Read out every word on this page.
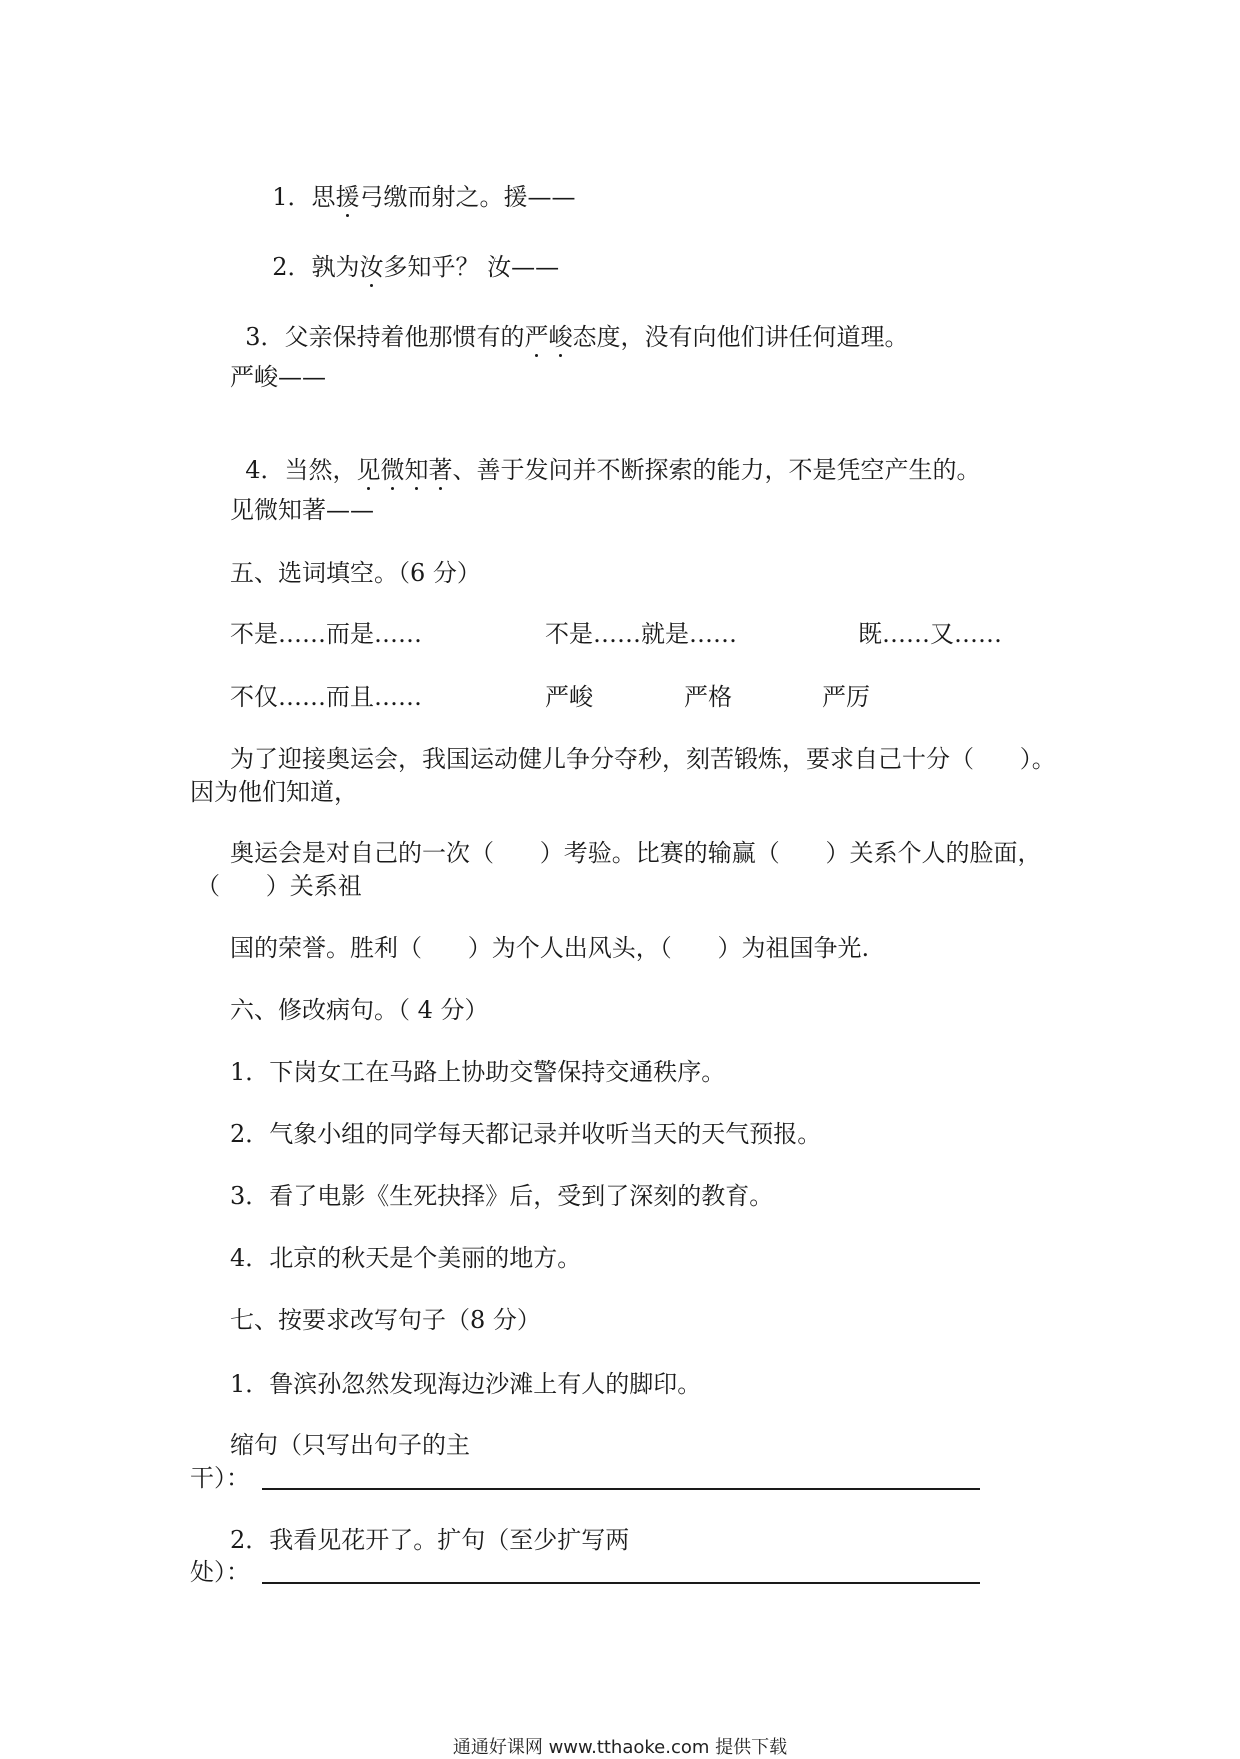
1．思援
弓缴而射之。援——

2．孰为汝
多知乎？ 汝——

3．父亲保持着他那惯有的严峻
态度，没有向他们讲任何道理。

严峻——

4．当然，见微知著
、善于发问并不断探索的能力，不是凭空产生的。

见微知著——
五、选词填空。（6 分）
不是……而是……	不是……就是……	既……又……
不仅……而且……	严峻	严格	严厉
为了迎接奥运会，我国运动健儿争分夺秒，刻苦锻炼，要求自己十分（      ）。
因为他们知道，
奥运会是对自己的一次（      ）考验。比赛的输赢（      ）关系个人的脸面，
（      ）关系祖
国的荣誉。胜利（      ）为个人出风头，（      ）为祖国争光.
六、修改病句。（ 4 分）
1．下岗女工在马路上协助交警保持交通秩序。
2．气象小组的同学每天都记录并收听当天的天气预报。
3．看了电影《生死抉择》后，受到了深刻的教育。
4．北京的秋天是个美丽的地方。
七、按要求改写句子（8 分）
1．鲁滨孙忽然发现海边沙滩上有人的脚印。
缩句（只写出句子的主
干）：
2．我看见花开了。扩句（至少扩写两
处）：
通通好课网 www.tthaoke.com 提供下载
